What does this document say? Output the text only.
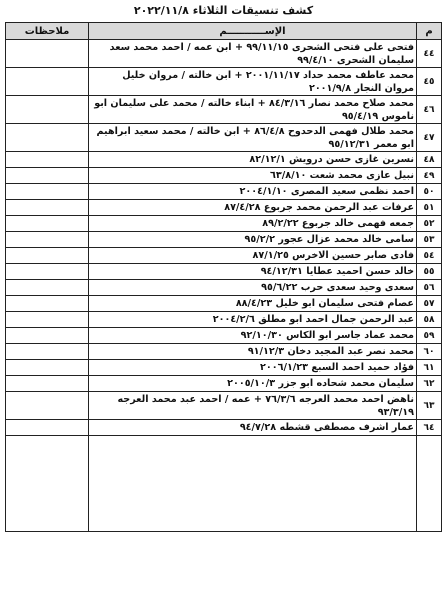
كشف تنسيقات الثلاثاء ٢٠٢٢/١١/٨
م	الإســـــــــــم	ملاحظات
٤٤	فتحى على فتحى الشحرى ٩٩/١١/١٥ + ابن عمه / احمد محمد سعد سليمان الشحرى ٩٩/٤/١٠	
٤٥	محمد عاطف محمد حداد ٢٠٠١/١١/١٧ + ابن خالته / مروان خليل مروان النجار ٢٠٠١/٩/٨	
٤٦	محمد صلاح محمد نصار ٨٤/٣/١٦ + ابناء خالته / محمد على سليمان ابو ناموس ٩٥/٤/١٩	
٤٧	محمد طلال فهمى الدحدوح ٨٦/٤/٨ + ابن خالته / محمد سعيد ابراهيم ابو معمر ٩٥/١٢/٣١	
٤٨	نسرين غازى حسن درويش ٨٢/١٢/١	
٤٩	نبيل عازى محمد شعت ٦٣/٨/١٠	
٥٠	احمد نظمى سعيد المصرى ٢٠٠٤/١/١٠	
٥١	عرفات عبد الرحمن محمد جربوع ٨٧/٤/٢٨	
٥٢	جمعه فهمى خالد جربوع ٨٩/٢/٢٢	
٥٣	سامى خالد محمد عزال عجور ٩٥/٢/٢	
٥٤	فادى صابر حسين الاخرس ٨٧/١/٢٥	
٥٥	خالد حسن احميد عطايا ٩٤/١٢/٣١	
٥٦	سعدى وحيد سعدى حرب ٩٥/٦/٢٢	
٥٧	عصام فتحى سليمان ابو خليل ٨٨/٤/٢٣	
٥٨	عبد الرحمن جمال احمد ابو مطلق ٢٠٠٤/٢/٦	
٥٩	محمد عماد جاسر ابو الكاس ٩٢/١٠/٣٠	
٦٠	محمد نصر عبد المجيد دخان ٩١/١٢/٣	
٦١	فؤاد حميد احمد السبع ٢٠٠٦/١/٢٣	
٦٢	سليمان محمد شحاده ابو جزر ٢٠٠٥/١٠/٣	
٦٣	ناهض احمد محمد العرجه ٧٦/٣/٦ + عمه / احمد عبد محمد العرجه ٩٣/٣/١٩	
٦٤	عمار اشرف مصطفى قشطه ٩٤/٧/٢٨	
